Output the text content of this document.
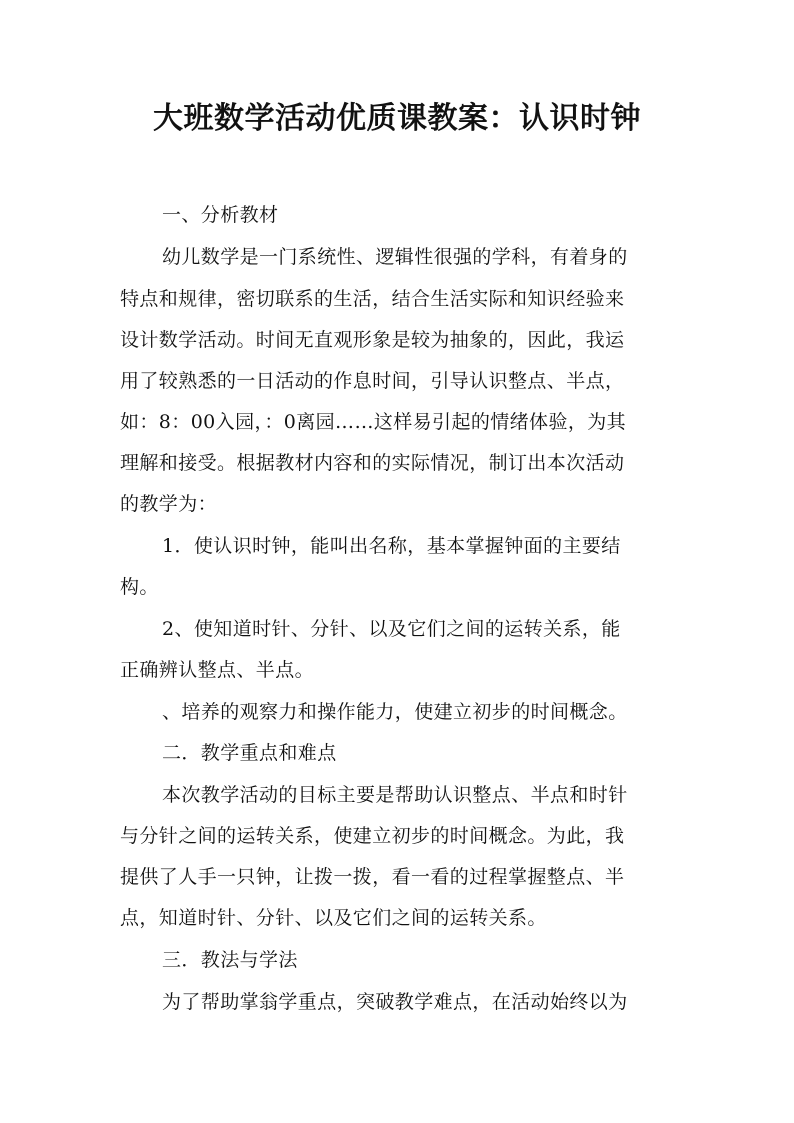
大班数学活动优质课教案：认识时钟

一、分析教材

幼儿数学是一门系统性、逻辑性很强的学科，有着身的

特点和规律，密切联系的生活，结合生活实际和知识经验来

设计数学活动。时间无直观形象是较为抽象的，因此，我运

用了较熟悉的一日活动的作息时间，引导认识整点、半点，

如：8：00入园，：0离园……这样易引起的情绪体验，为其

理解和接受。根据教材内容和的实际情况，制订出本次活动

的教学为：

1．使认识时钟，能叫出名称，基本掌握钟面的主要结

构。

2、使知道时针、分针、以及它们之间的运转关系，能

正确辨认整点、半点。

、培养的观察力和操作能力，使建立初步的时间概念。

二．教学重点和难点

本次教学活动的目标主要是帮助认识整点、半点和时针

与分针之间的运转关系，使建立初步的时间概念。为此，我

提供了人手一只钟，让拨一拨，看一看的过程掌握整点、半

点，知道时针、分针、以及它们之间的运转关系。

三．教法与学法

为了帮助掌翁学重点，突破教学难点，在活动始终以为
